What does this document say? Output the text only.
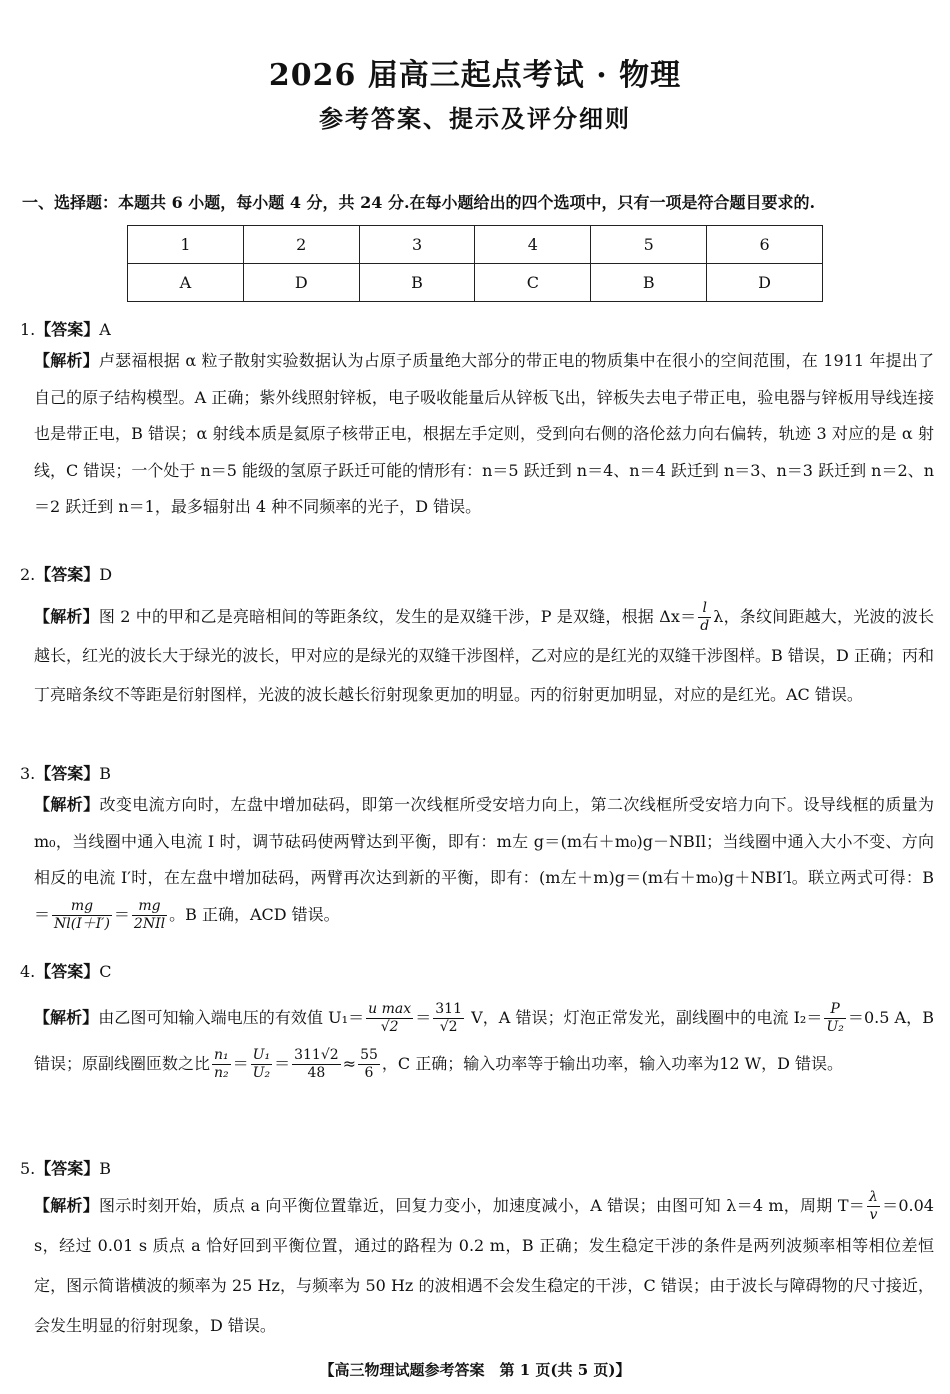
2026 届高三起点考试 · 物理
参考答案、提示及评分细则
一、选择题：本题共 6 小题，每小题 4 分，共 24 分.在每小题给出的四个选项中，只有一项是符合题目要求的.
1	2	3	4	5	6
A	D	B	C	B	D
1.【答案】A
【解析】卢瑟福根据 α 粒子散射实验数据认为占原子质量绝大部分的带正电的物质集中在很小的空间范围，在 1911 年提出了自己的原子结构模型。A 正确；紫外线照射锌板，电子吸收能量后从锌板飞出，锌板失去电子带正电，验电器与锌板用导线连接也是带正电，B 错误；α 射线本质是氦原子核带正电，根据左手定则，受到向右侧的洛伦兹力向右偏转，轨迹 3 对应的是 α 射线，C 错误；一个处于 n＝5 能级的氢原子跃迁可能的情形有：n＝5 跃迁到 n＝4、n＝4 跃迁到 n＝3、n＝3 跃迁到 n＝2、n＝2 跃迁到 n＝1，最多辐射出 4 种不同频率的光子，D 错误。
2.【答案】D
【解析】图 2 中的甲和乙是亮暗相间的等距条纹，发生的是双缝干涉，P 是双缝，根据 $\Delta x= \frac{l}{d}$ λ，条纹间距越大，光波的波长越长，红光的波长大于绿光的波长，甲对应的是绿光的双缝干涉图样，乙对应的是红光的双缝干涉图样。B 错误，D 正确；丙和丁亮暗条纹不等距是衍射图样，光波的波长越长衍射现象更加的明显。丙的衍射更加明显，对应的是红光。AC 错误。
3.【答案】B
【解析】改变电流方向时，左盘中增加砝码，即第一次线框所受安培力向上，第二次线框所受安培力向下。设导线框的质量为 m₀，当线圈中通入电流 I 时，调节砝码使两臂达到平衡，即有：m左 g＝(m右＋m₀)g－NBIl；当线圈中通入大小不变、方向相反的电流 I′时，在左盘中增加砝码，两臂再次达到新的平衡，即有：(m左＋m)g＝(m右＋m₀)g＋NBI′l。联立两式可得：$B= \frac{mg}{Nl(I+I')} = \frac{mg}{\text{2NIl}}$ 。B 正确，ACD 错误。
4.【答案】C
【解析】由乙图可知输入端电压的有效值 $U_1= \frac{\text{u max}}{√2} = \frac{311}{√2}$ V，A 错误；灯泡正常发光，副线圈中的电流 $I_2= \frac{P}{\text{U₂}} =0.5$ A，B 错误；原副线圈匝数之比 $\frac{\text{n₁}}{\text{n₂}} = \frac{\text{U₁}}{\text{U₂}} = \frac{311√2}{48} \approx \frac{55}{6}$ ，C 正确；输入功率等于输出功率，输入功率为12 W，D 错误。
5.【答案】B
【解析】图示时刻开始，质点 a 向平衡位置靠近，回复力变小，加速度减小，A 错误；由图可知 λ＝4 m，周期 $T= \frac{\lambda}{v} =0.04$ s，经过 0.01 s 质点 a 恰好回到平衡位置，通过的路程为 0.2 m，B 正确；发生稳定干涉的条件是两列波频率相等相位差恒定，图示简谐横波的频率为 25 Hz，与频率为 50 Hz 的波相遇不会发生稳定的干涉，C 错误；由于波长与障碍物的尺寸接近，会发生明显的衍射现象，D 错误。
【高三物理试题参考答案　第 1 页(共 5 页)】
